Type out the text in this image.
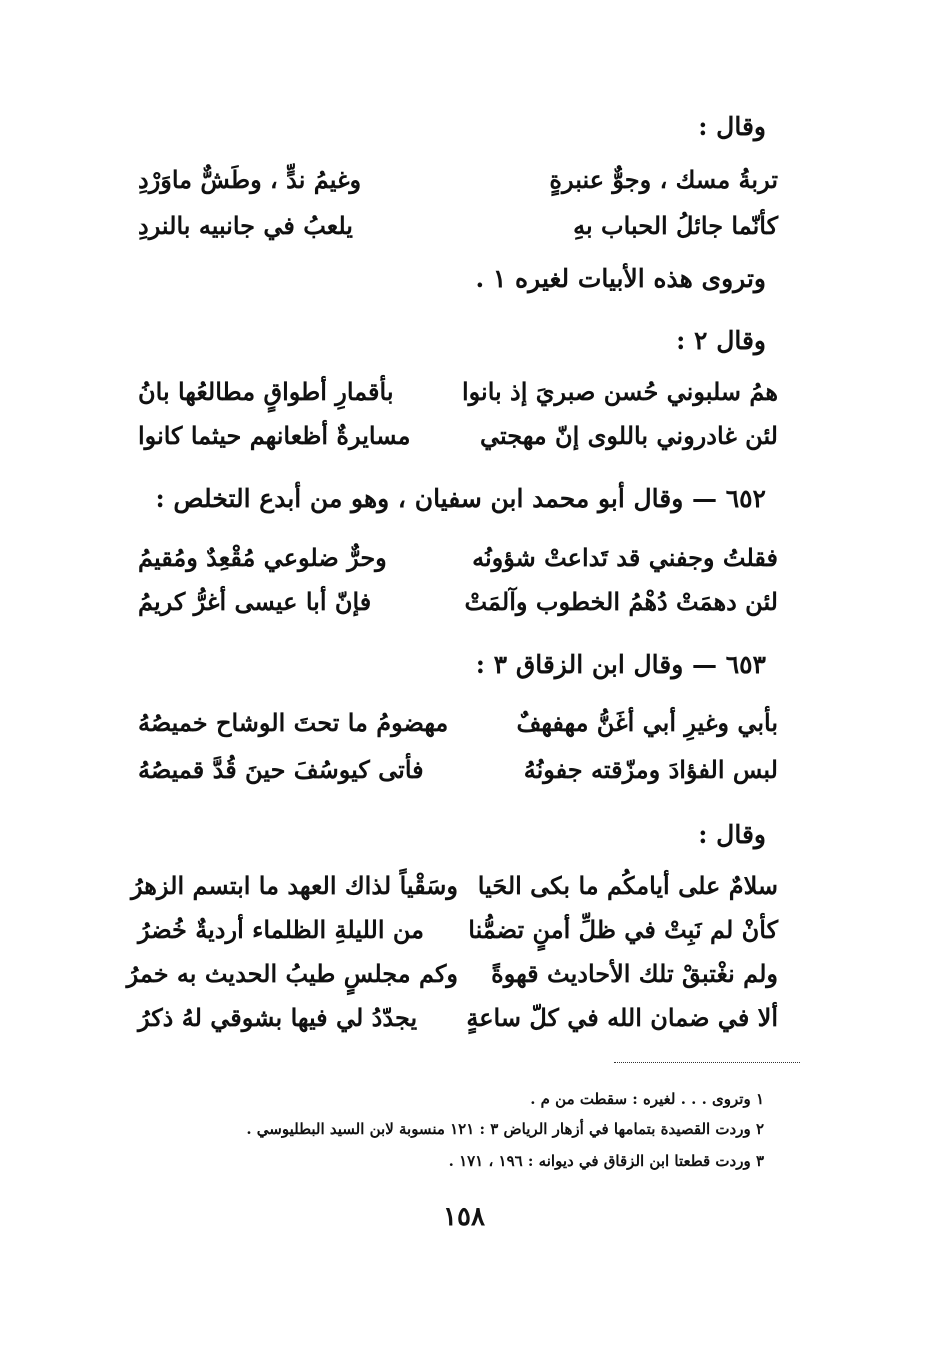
وقال :
تربةُ مسك ، وجوٌّ عنبرةٍ
وغيمُ ندٍّ ، وطَشٌّ ماوَرْدِ
كأنّما جائلُ الحباب بهِ
يلعبُ في جانبيه بالنردِ
وتروى هذه الأبيات لغيره ١ .
وقال ٢ :
همُ سلبوني حُسن صبريَ إذ بانوا
بأقمارِ أطواقٍ مطالعُها بانُ
لئن غادروني باللوى إنّ مهجتي
مسايرةٌ أظعانهم حيثما كانوا
٦٥٢ — وقال أبو محمد ابن سفيان ، وهو من أبدع التخلص :
فقلتُ وجفني قد تَداعتْ شؤونُه
وحرٌّ ضلوعي مُقْعِدٌ ومُقيمُ
لئن دهمَتْ دُهْمُ الخطوب وآلمَتْ
فإنّ أبا عيسى أغرُّ كريمُ
٦٥٣ — وقال ابن الزقاق ٣ :
بأبي وغيرِ أبي أغَنُّ مهفهفٌ
مهضومُ ما تحتَ الوشاح خميصُهُ
لبس الفؤادَ ومزّقته جفونُهُ
فأتى كيوسُفَ حينَ قُدَّ قميصُهُ
وقال :
سلامٌ على أيامكُم ما بكى الحَيا
وسَقْياً لذاك العهد ما ابتسم الزهرُ
كأنْ لم نَبِتْ في ظلِّ أمنٍ تضمُّنا
من الليلةِ الظلماء أرديةٌ خُضرُ
ولم نغْتبقْ تلك الأحاديث قهوةً
وكم مجلسٍ طيبُ الحديث به خمرُ
ألا في ضمان الله في كلّ ساعةٍ
يجدّدُ لي فيها بشوقي لهُ ذكرُ
١ وتروى . . . لغيره : سقطت من م .
٢ وردت القصيدة بتمامها في أزهار الرياض ٣ : ١٢١ منسوبة لابن السيد البطليوسي .
٣ وردت قطعتا ابن الزقاق في ديوانه : ١٩٦ ، ١٧١ .
١٥٨
